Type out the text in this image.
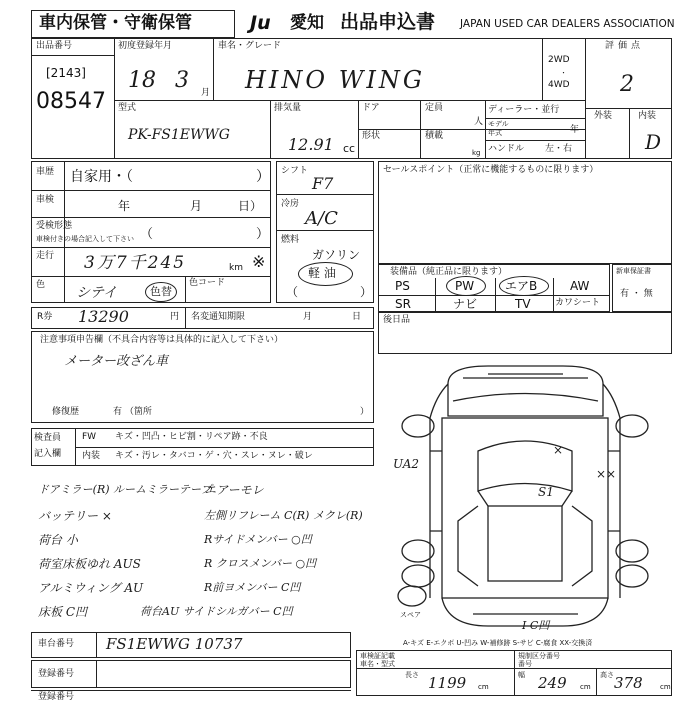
車内保管・守衛保管	Ju 愛知 出品申込書 JAPAN USED CAR DEALERS ASSOCIATION
出品番号
[2143]
08547
初度登録年月
18 3 月
車名・グレード
HINO WING
2WD
・
4WD
評価点
2
型式
PK-FS1EWWG
排気量
12.91 cc
ドア
形状
定員
人
積載
kg
ディーラー・並行
モデル
年式	年
ハンドル 左・右
外装	内装
D
車歴 自家用・（	）
車検	年	月	日）
受検形態
車検付きの場合記入して下さい （	）
走行 3万7千245	km ※
色 シテイ	色替
色コード
シフト
F7
冷房
A/C
燃料
ガソリン
軽 油
（	）
セールスポイント（正常に機能するものに限ります）
装備品（純正品に限ります）
PS	PW	エアB	AW
SR	ナビ	TV	カワシート
新車保証書
有 ・ 無
R券 13290	円 名変通知期限	月	日 後日品
注意事項申告欄（不具合内容等は具体的に記入して下さい）
メーター改ざん車
修復歴	有 （箇所	）
検査員
記入欄
FW キズ・凹凸・ヒビ割・リペア跡・不良
内装 キズ・汚レ・タバコ・ゲ・穴・スレ・ヌレ・破レ
ドアミラー(R) ルームミラーテープ
エアーモレ
バッテリー ×	左側リフレーム C(R) メクレ(R)
荷台 小	Rサイドメンバー ○凹
荷室床板ゆれ AUS	R クロスメンバー ○凹
アルミウィング AU	R前ヨメンバー C凹
床板 C凹	荷台AU サイドシルガバー C凹
UA2
×
××
S1
Ⅰ C凹
スペア
A-キズ E-エクボ U-凹み W-補修跡 S-サビ C-腐食 XX-交換済
車台番号 FS1EWWG 10737
登録番号
登録番号
車検証記載
車名・型式
規制区分番号
番号
長さ 1199 cm
幅 249 cm
高さ 378 cm
